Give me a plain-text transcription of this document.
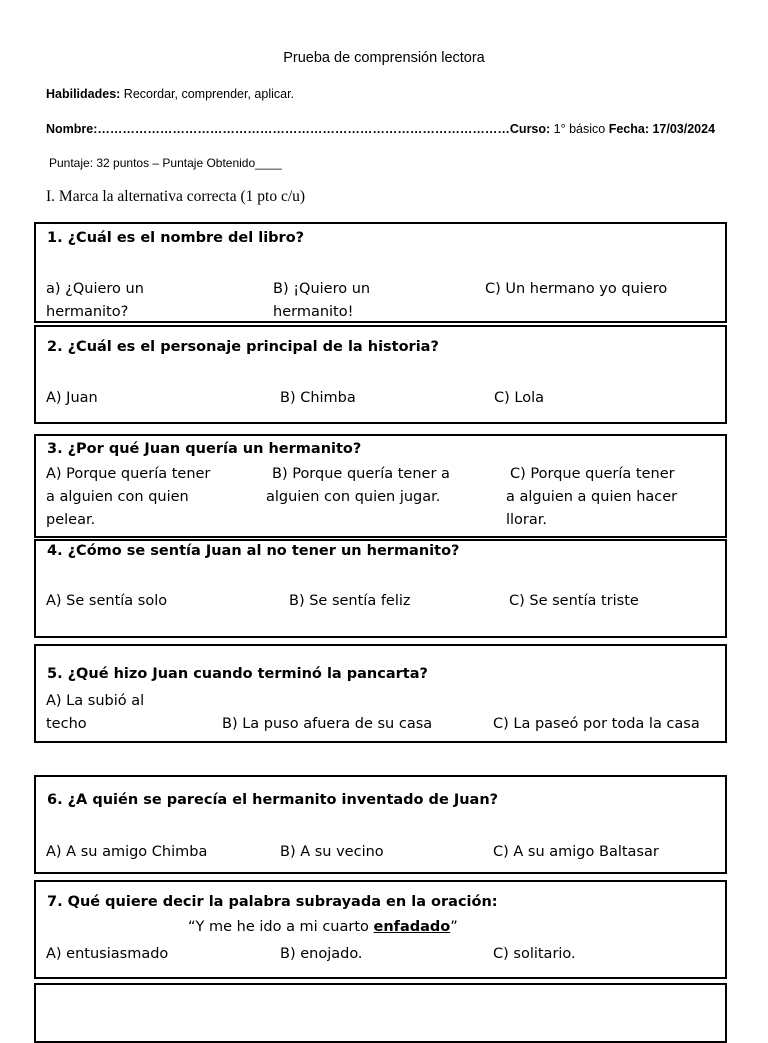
Prueba de comprensión lectora
Habilidades: Recordar, comprender, aplicar.
Nombre:………………………………………………………………………………………Curso: 1° básico Fecha: 17/03/2024
Puntaje: 32 puntos – Puntaje Obtenido____
I. Marca la alternativa correcta (1 pto c/u)
1. ¿Cuál es el nombre del libro?
a) ¿Quiero un
hermanito?
B) ¡Quiero un
hermanito!
C) Un hermano yo quiero
2. ¿Cuál es el personaje principal de la historia?
A) Juan	B) Chimba	C) Lola
3. ¿Por qué Juan quería un hermanito?
A) Porque quería tener
a alguien con quien
pelear.
B) Porque quería tener a
alguien con quien jugar.
C) Porque quería tener
a alguien a quien hacer
llorar.
4. ¿Cómo se sentía Juan al no tener un hermanito?
A) Se sentía solo	B) Se sentía feliz	C) Se sentía triste
5. ¿Qué hizo Juan cuando terminó la pancarta?
A) La subió al
techo	B) La puso afuera de su casa	C) La paseó por toda la casa
6. ¿A quién se parecía el hermanito inventado de Juan?
A) A su amigo Chimba	B) A su vecino	C) A su amigo Baltasar
7. Qué quiere decir la palabra subrayada en la oración:
“Y me he ido a mi cuarto enfadado”
A) entusiasmado	B) enojado.	C) solitario.
